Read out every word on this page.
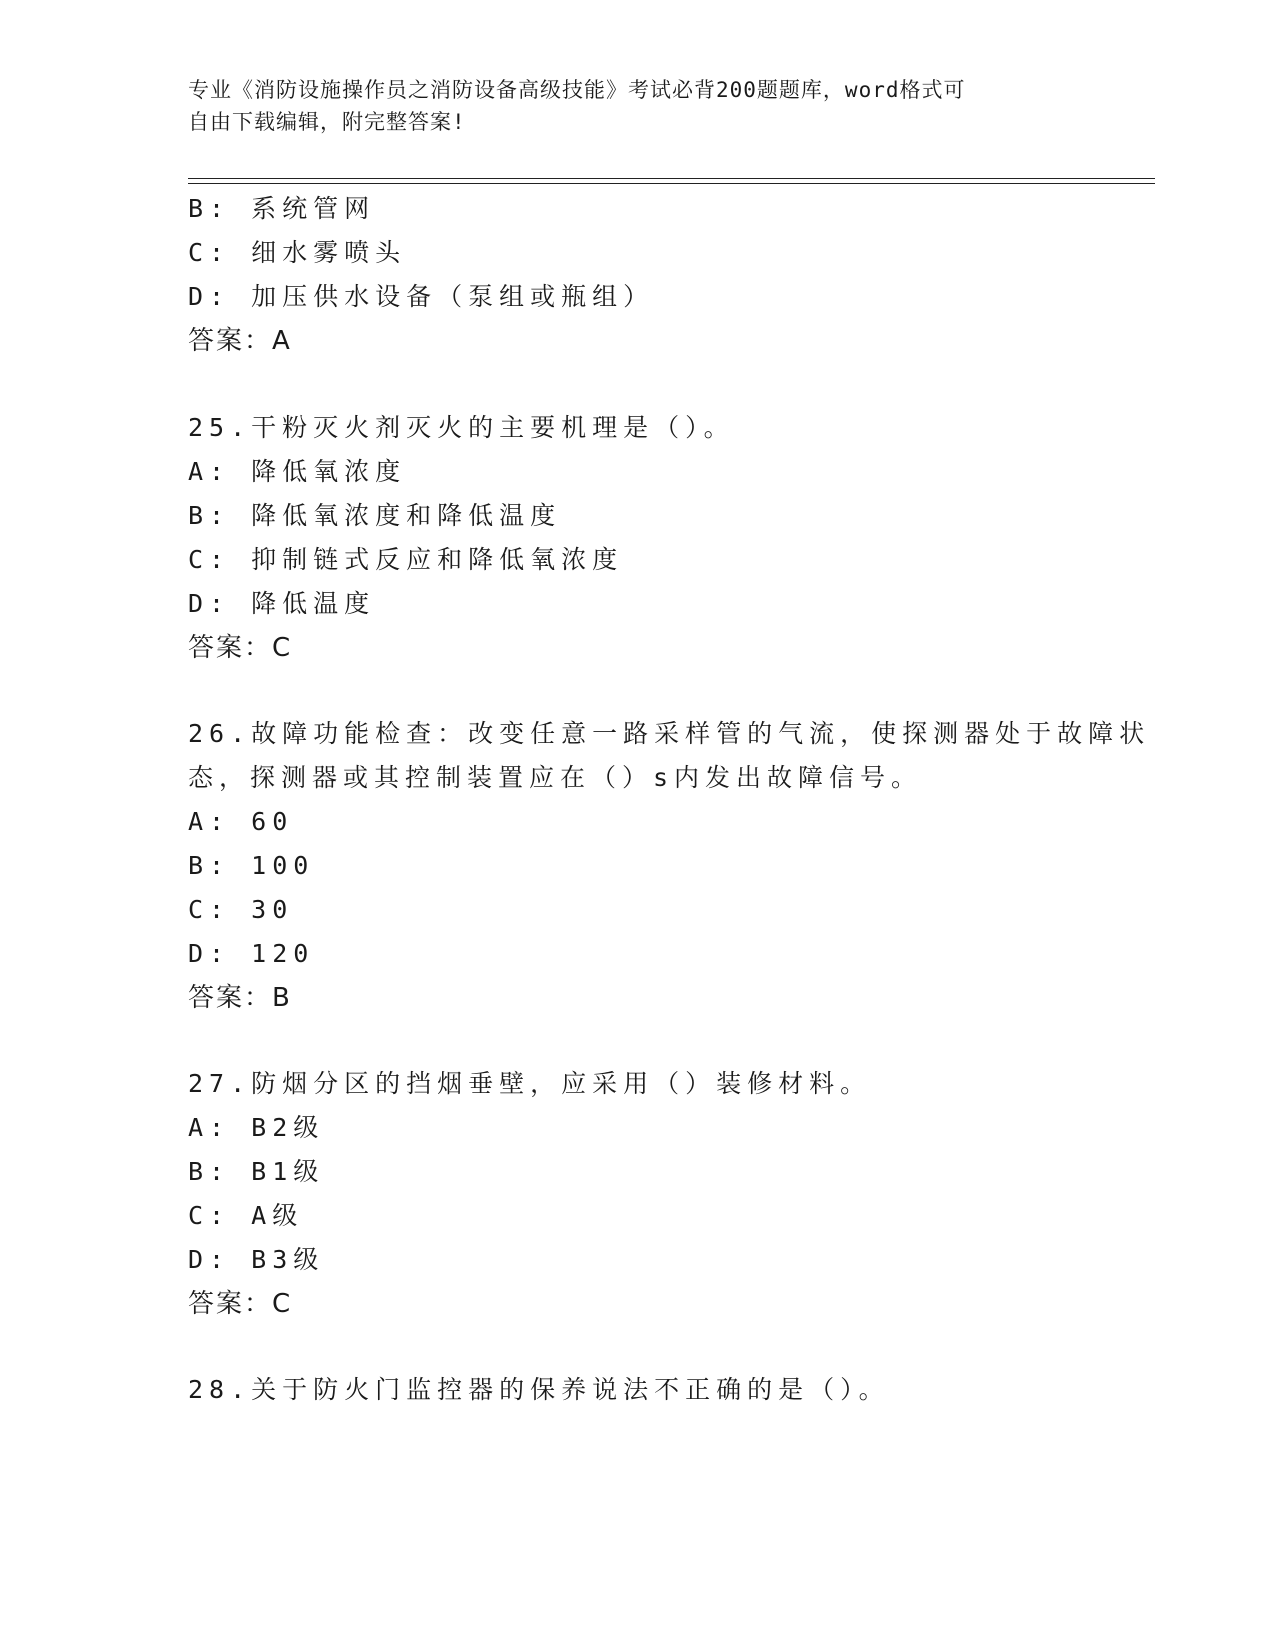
专业《消防设施操作员之消防设备高级技能》考试必背200题题库，word格式可
自由下载编辑，附完整答案!
B: 系统管网
C: 细水雾喷头
D: 加压供水设备（泵组或瓶组）
答案：A
25.干粉灭火剂灭火的主要机理是（）。
A: 降低氧浓度
B: 降低氧浓度和降低温度
C: 抑制链式反应和降低氧浓度
D: 降低温度
答案：C
26.故障功能检查：改变任意一路采样管的气流，使探测器处于故障状
态，探测器或其控制装置应在（）s内发出故障信号。
A: 60
B: 100
C: 30
D: 120
答案：B
27.防烟分区的挡烟垂壁，应采用（）装修材料。
A: B2级
B: B1级
C: A级
D: B3级
答案：C
28.关于防火门监控器的保养说法不正确的是（）。
